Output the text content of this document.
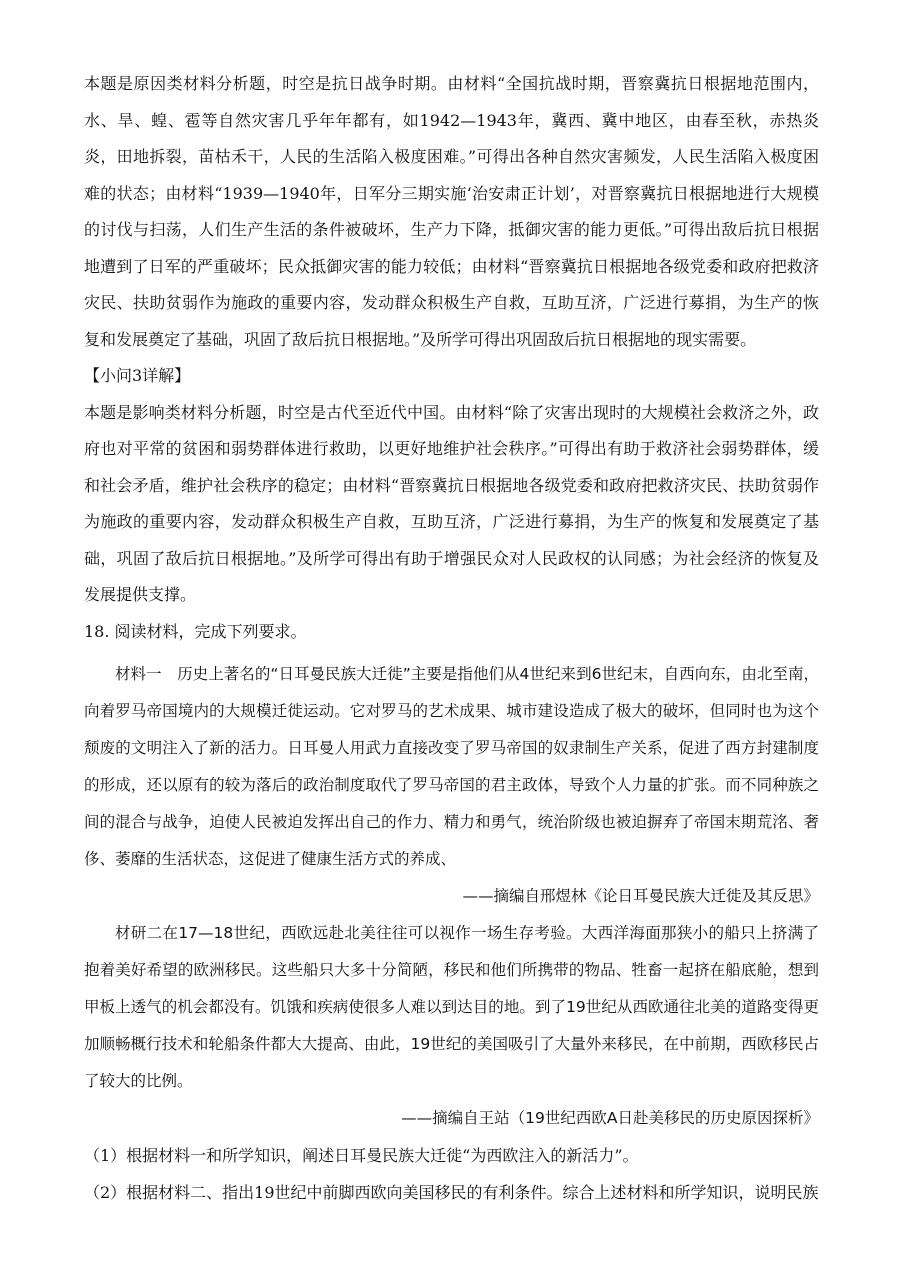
本题是原因类材料分析题，时空是抗日战争时期。由材料“全国抗战时期，晋察冀抗日根据地范围内，水、旱、蝗、雹等自然灾害几乎年年都有，如1942—1943年，冀西、冀中地区，由春至秋，赤热炎炎，田地拆裂，苗枯禾干，人民的生活陷入极度困难。”可得出各种自然灾害频发，人民生活陷入极度困难的状态；由材料“1939—1940年，日军分三期实施‘治安肃正计划’，对晋察冀抗日根据地进行大规模的讨伐与扫荡，人们生产生活的条件被破坏，生产力下降，抵御灾害的能力更低。”可得出敌后抗日根据地遭到了日军的严重破坏；民众抵御灾害的能力较低；由材料“晋察冀抗日根据地各级党委和政府把救济灾民、扶助贫弱作为施政的重要内容，发动群众积极生产自救，互助互济，广泛进行募捐，为生产的恢复和发展奠定了基础，巩固了敌后抗日根据地。”及所学可得出巩固敌后抗日根据地的现实需要。

【小问3详解】

本题是影响类材料分析题，时空是古代至近代中国。由材料“除了灾害出现时的大规模社会救济之外，政府也对平常的贫困和弱势群体进行救助，以更好地维护社会秩序。”可得出有助于救济社会弱势群体，缓和社会矛盾，维护社会秩序的稳定；由材料“晋察冀抗日根据地各级党委和政府把救济灾民、扶助贫弱作为施政的重要内容，发动群众积极生产自救，互助互济，广泛进行募捐，为生产的恢复和发展奠定了基础，巩固了敌后抗日根据地。”及所学可得出有助于增强民众对人民政权的认同感；为社会经济的恢复及发展提供支撑。

18. 阅读材料，完成下列要求。

材料一　历史上著名的“日耳曼民族大迁徙”主要是指他们从4世纪来到6世纪末，自西向东，由北至南，向着罗马帝国境内的大规模迁徙运动。它对罗马的艺术成果、城市建设造成了极大的破坏，但同时也为这个颓废的文明注入了新的活力。日耳曼人用武力直接改变了罗马帝国的奴隶制生产关系，促进了西方封建制度的形成，还以原有的较为落后的政治制度取代了罗马帝国的君主政体，导致个人力量的扩张。而不同种族之间的混合与战争，迫使人民被迫发挥出自己的作力、精力和勇气，统治阶级也被迫摒弃了帝国末期荒洺、奢侈、萎靡的生活状态，这促进了健康生活方式的养成、

——摘编自邢煜林《论日耳曼民族大迁徙及其反思》

材研二在17—18世纪，西欧远赴北美往往可以视作一场生存考验。大西洋海面那狭小的船只上挤满了抱着美好希望的欧洲移民。这些船只大多十分简陋，移民和他们所携带的物品、牲畜一起挤在船底舱，想到甲板上透气的机会都没有。饥饿和疾病使很多人难以到达目的地。到了19世纪从西欧通往北美的道路变得更加顺畅概行技术和轮船条件都大大提高、由此，19世纪的美国吸引了大量外来移民，在中前期，西欧移民占了较大的比例。

——摘编自王站（19世纪西欧A日赴美移民的历史原因探析》

（1）根据材料一和所学知识，阐述日耳曼民族大迁徙“为西欧注入的新活力”。

（2）根据材料二、指出19世纪中前脚西欧向美国移民的有利条件。综合上述材料和所学知识，说明民族
